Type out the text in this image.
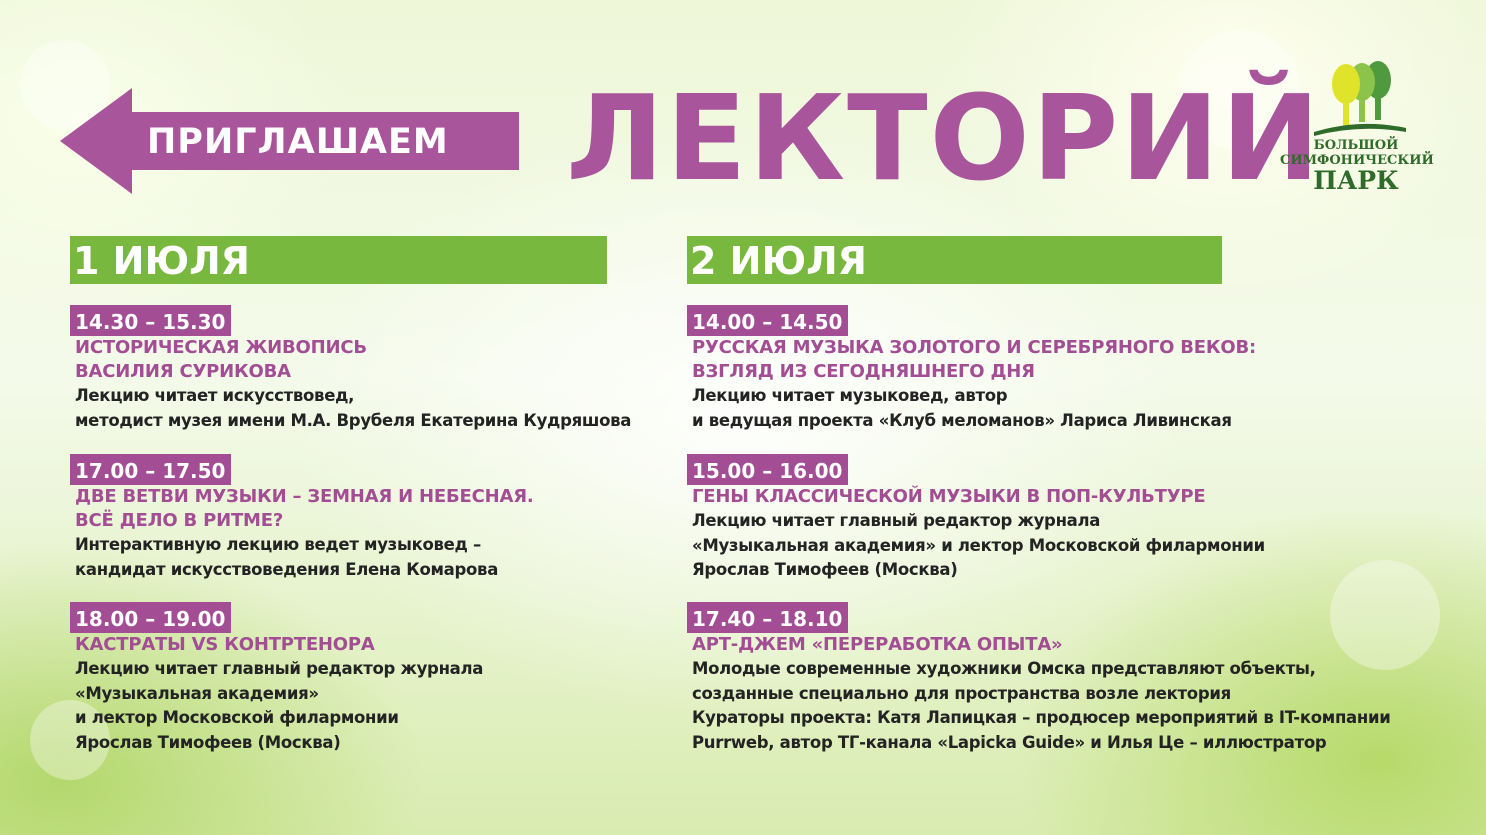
ПРИГЛАШАЕМ ЛЕКТОРИЙ
БОЛЬШОЙ
СИМФОНИЧЕСКИЙ
ПАРК
1 ИЮЛЯ
14.30 – 15.30
ИСТОРИЧЕСКАЯ ЖИВОПИСЬ
ВАСИЛИЯ СУРИКОВА
Лекцию читает искусствовед,
методист музея имени М.А. Врубеля Екатерина Кудряшова
17.00 – 17.50
ДВЕ ВЕТВИ МУЗЫКИ – ЗЕМНАЯ И НЕБЕСНАЯ.
ВСЁ ДЕЛО В РИТМЕ?
Интерактивную лекцию ведет музыковед –
кандидат искусствоведения Елена Комарова
18.00 – 19.00
КАСТРАТЫ VS КОНТРТЕНОРА
Лекцию читает главный редактор журнала
«Музыкальная академия»
и лектор Московской филармонии
Ярослав Тимофеев (Москва)
2 ИЮЛЯ
14.00 – 14.50
РУССКАЯ МУЗЫКА ЗОЛОТОГО И СЕРЕБРЯНОГО ВЕКОВ:
ВЗГЛЯД ИЗ СЕГОДНЯШНЕГО ДНЯ
Лекцию читает музыковед, автор
и ведущая проекта «Клуб меломанов» Лариса Ливинская
15.00 – 16.00
ГЕНЫ КЛАССИЧЕСКОЙ МУЗЫКИ В ПОП-КУЛЬТУРЕ
Лекцию читает главный редактор журнала
«Музыкальная академия» и лектор Московской филармонии
Ярослав Тимофеев (Москва)
17.40 – 18.10
АРТ-ДЖЕМ «ПЕРЕРАБОТКА ОПЫТА»
Молодые современные художники Омска представляют объекты,
созданные специально для пространства возле лектория
Кураторы проекта: Катя Лапицкая – продюсер мероприятий в IT-компании
Purrweb, автор ТГ-канала «Lapicka Guide» и Илья Це – иллюстратор
